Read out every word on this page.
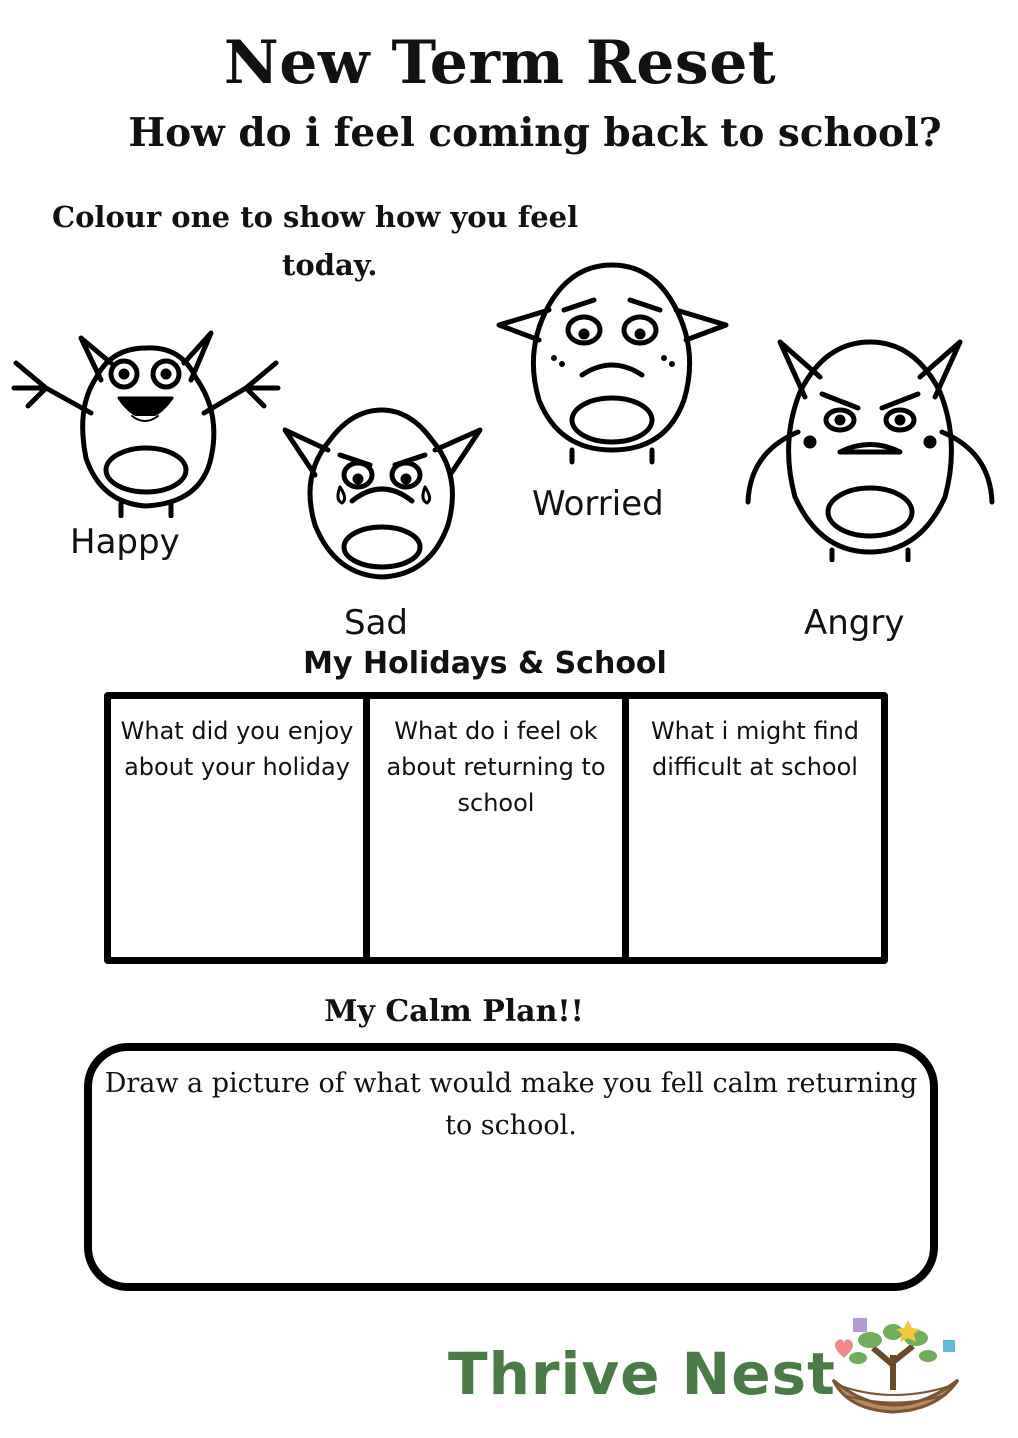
New Term Reset
How do i feel coming back to school?
Colour one to show how you feel
today.
Happy
Sad
Worried
Angry
My Holidays & School
What did you enjoy about your holiday
What do i feel ok about returning to school
What i might find difficult at school
My Calm Plan!!
Draw a picture of what would make you fell calm returning to school.
Thrive Nest
